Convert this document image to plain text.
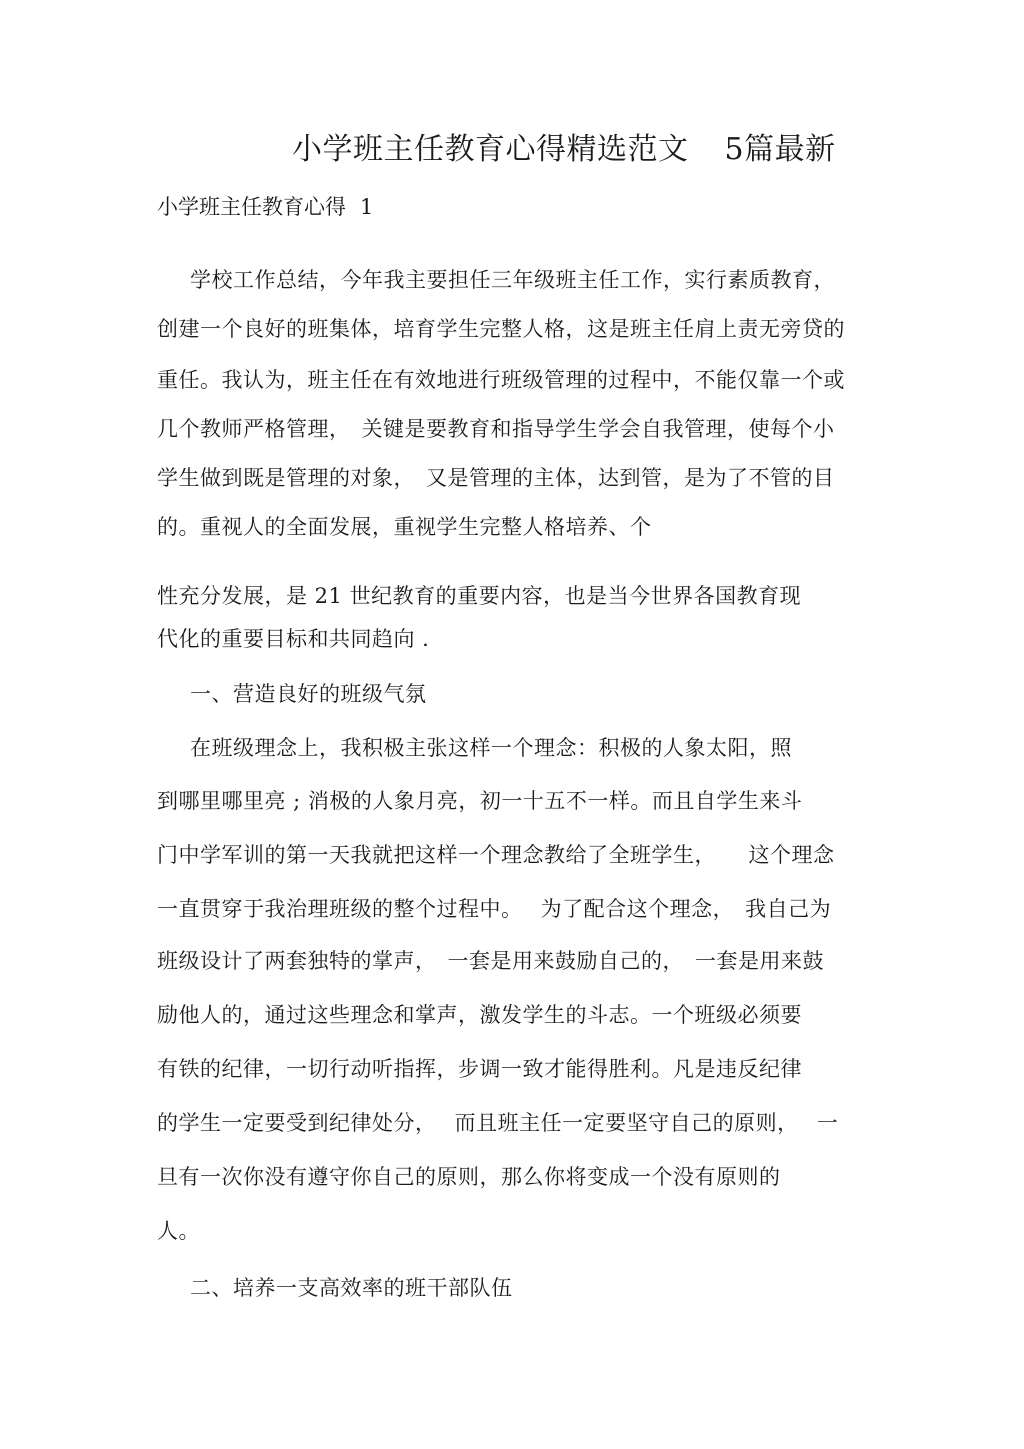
小学班主任教育心得精选范文 5篇最新
小学班主任教育心得 1
学校工作总结，今年我主要担任三年级班主任工作，实行素质教育，
创建一个良好的班集体，培育学生完整人格，这是班主任肩上责无旁贷的
重任。我认为，班主任在有效地进行班级管理的过程中，不能仅靠一个或
几个教师严格管理，　关键是要教育和指导学生学会自我管理，使每个小
学生做到既是管理的对象，　又是管理的主体，达到管，是为了不管的目
的。重视人的全面发展，重视学生完整人格培养、个
性充分发展，是 21 世纪教育的重要内容，也是当今世界各国教育现
代化的重要目标和共同趋向 .
一、营造良好的班级气氛
在班级理念上，我积极主张这样一个理念：积极的人象太阳，照
到哪里哪里亮 ; 消极的人象月亮，初一十五不一样。而且自学生来斗
门中学军训的第一天我就把这样一个理念教给了全班学生，　　这个理念
一直贯穿于我治理班级的整个过程中。　 为了配合这个理念，　我自己为
班级设计了两套独特的掌声，　一套是用来鼓励自己的，　一套是用来鼓
励他人的，通过这些理念和掌声，激发学生的斗志。一个班级必须要
有铁的纪律，一切行动听指挥，步调一致才能得胜利。凡是违反纪律
的学生一定要受到纪律处分，　 而且班主任一定要坚守自己的原则，　 一
旦有一次你没有遵守你自己的原则，那么你将变成一个没有原则的
人。
二、培养一支高效率的班干部队伍
